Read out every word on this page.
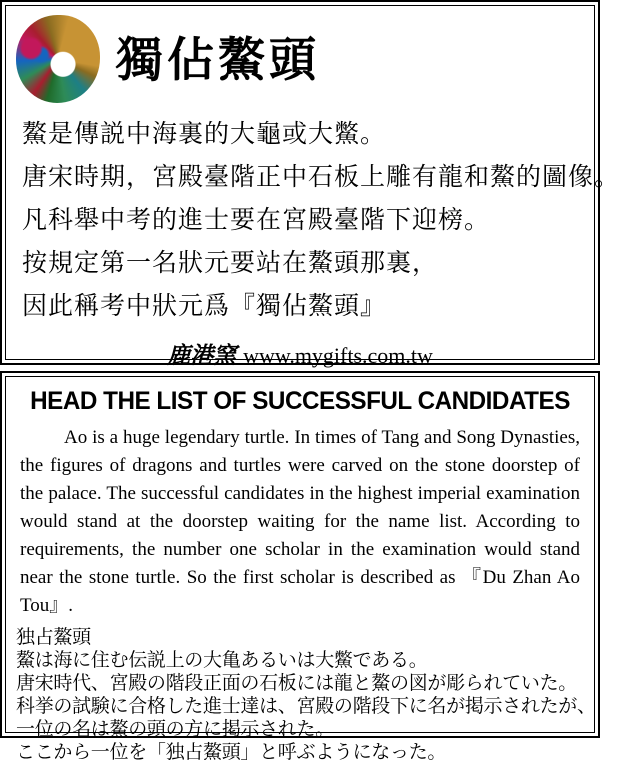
獨佔鰲頭
鰲是傳説中海裏的大龜或大鱉。
唐宋時期，宮殿臺階正中石板上雕有龍和鰲的圖像。
凡科舉中考的進士要在宮殿臺階下迎榜。
按規定第一名狀元要站在鰲頭那裏，
因此稱考中狀元爲『獨佔鰲頭』
鹿港窯 www.mygifts.com.tw
HEAD THE LIST OF SUCCESSFUL CANDIDATES

Ao is a huge legendary turtle. In times of Tang and Song Dynasties, the figures of dragons and turtles were carved on the stone doorstep of the palace. The successful candidates in the highest imperial examination would stand at the doorstep waiting for the name list. According to requirements, the number one scholar in the examination would stand near the stone turtle. So the first scholar is described as 『Du Zhan Ao Tou』.

独占鰲頭
鰲は海に住む伝説上の大亀あるいは大鱉である。
唐宋時代、宮殿の階段正面の石板には龍と鰲の図が彫られていた。
科挙の試験に合格した進士達は、宮殿の階段下に名が掲示されたが、
一位の名は鰲の頭の方に掲示された。
ここから一位を「独占鰲頭」と呼ぶようになった。
